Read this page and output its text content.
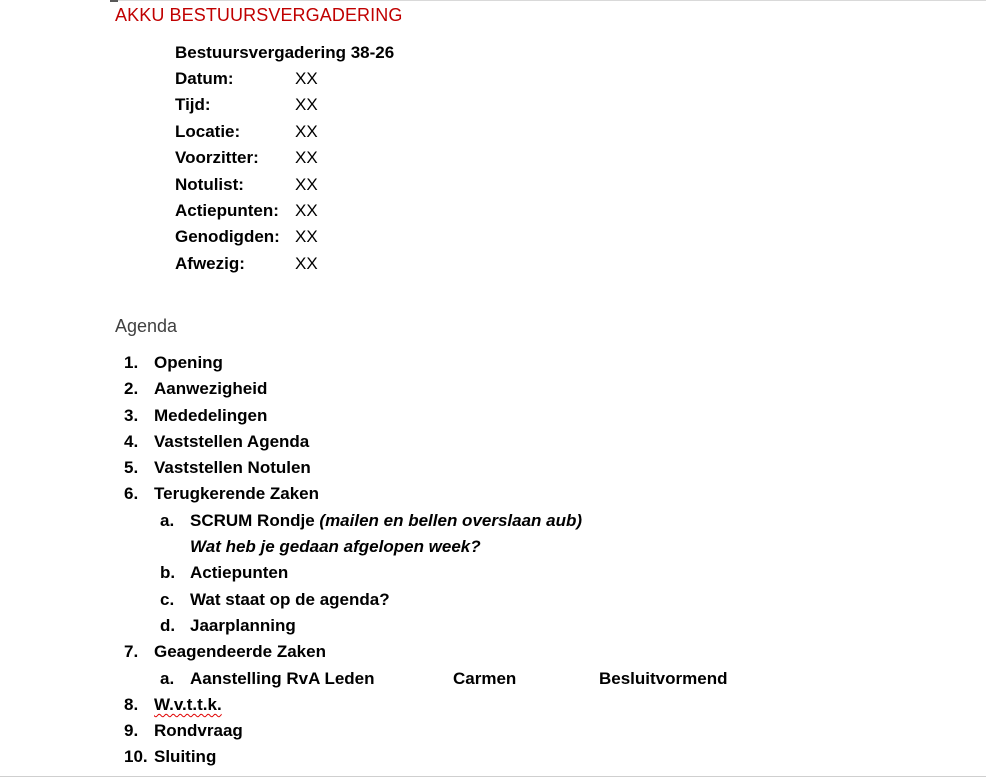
AKKU BESTUURSVERGADERING
Bestuursvergadering 38-26
Datum:	XX
Tijd:	XX
Locatie:	XX
Voorzitter:	XX
Notulist:	XX
Actiepunten: XX
Genodigden: XX
Afwezig:	XX
Agenda
1. Opening
2. Aanwezigheid
3. Mededelingen
4. Vaststellen Agenda
5. Vaststellen Notulen
6. Terugkerende Zaken
a. SCRUM Rondje (mailen en bellen overslaan aub)
Wat heb je gedaan afgelopen week?
b. Actiepunten
c. Wat staat op de agenda?
d. Jaarplanning
7. Geagendeerde Zaken
a. Aanstelling RvA Leden	Carmen	Besluitvormend
8. W.v.t.t.k.
9. Rondvraag
10. Sluiting
